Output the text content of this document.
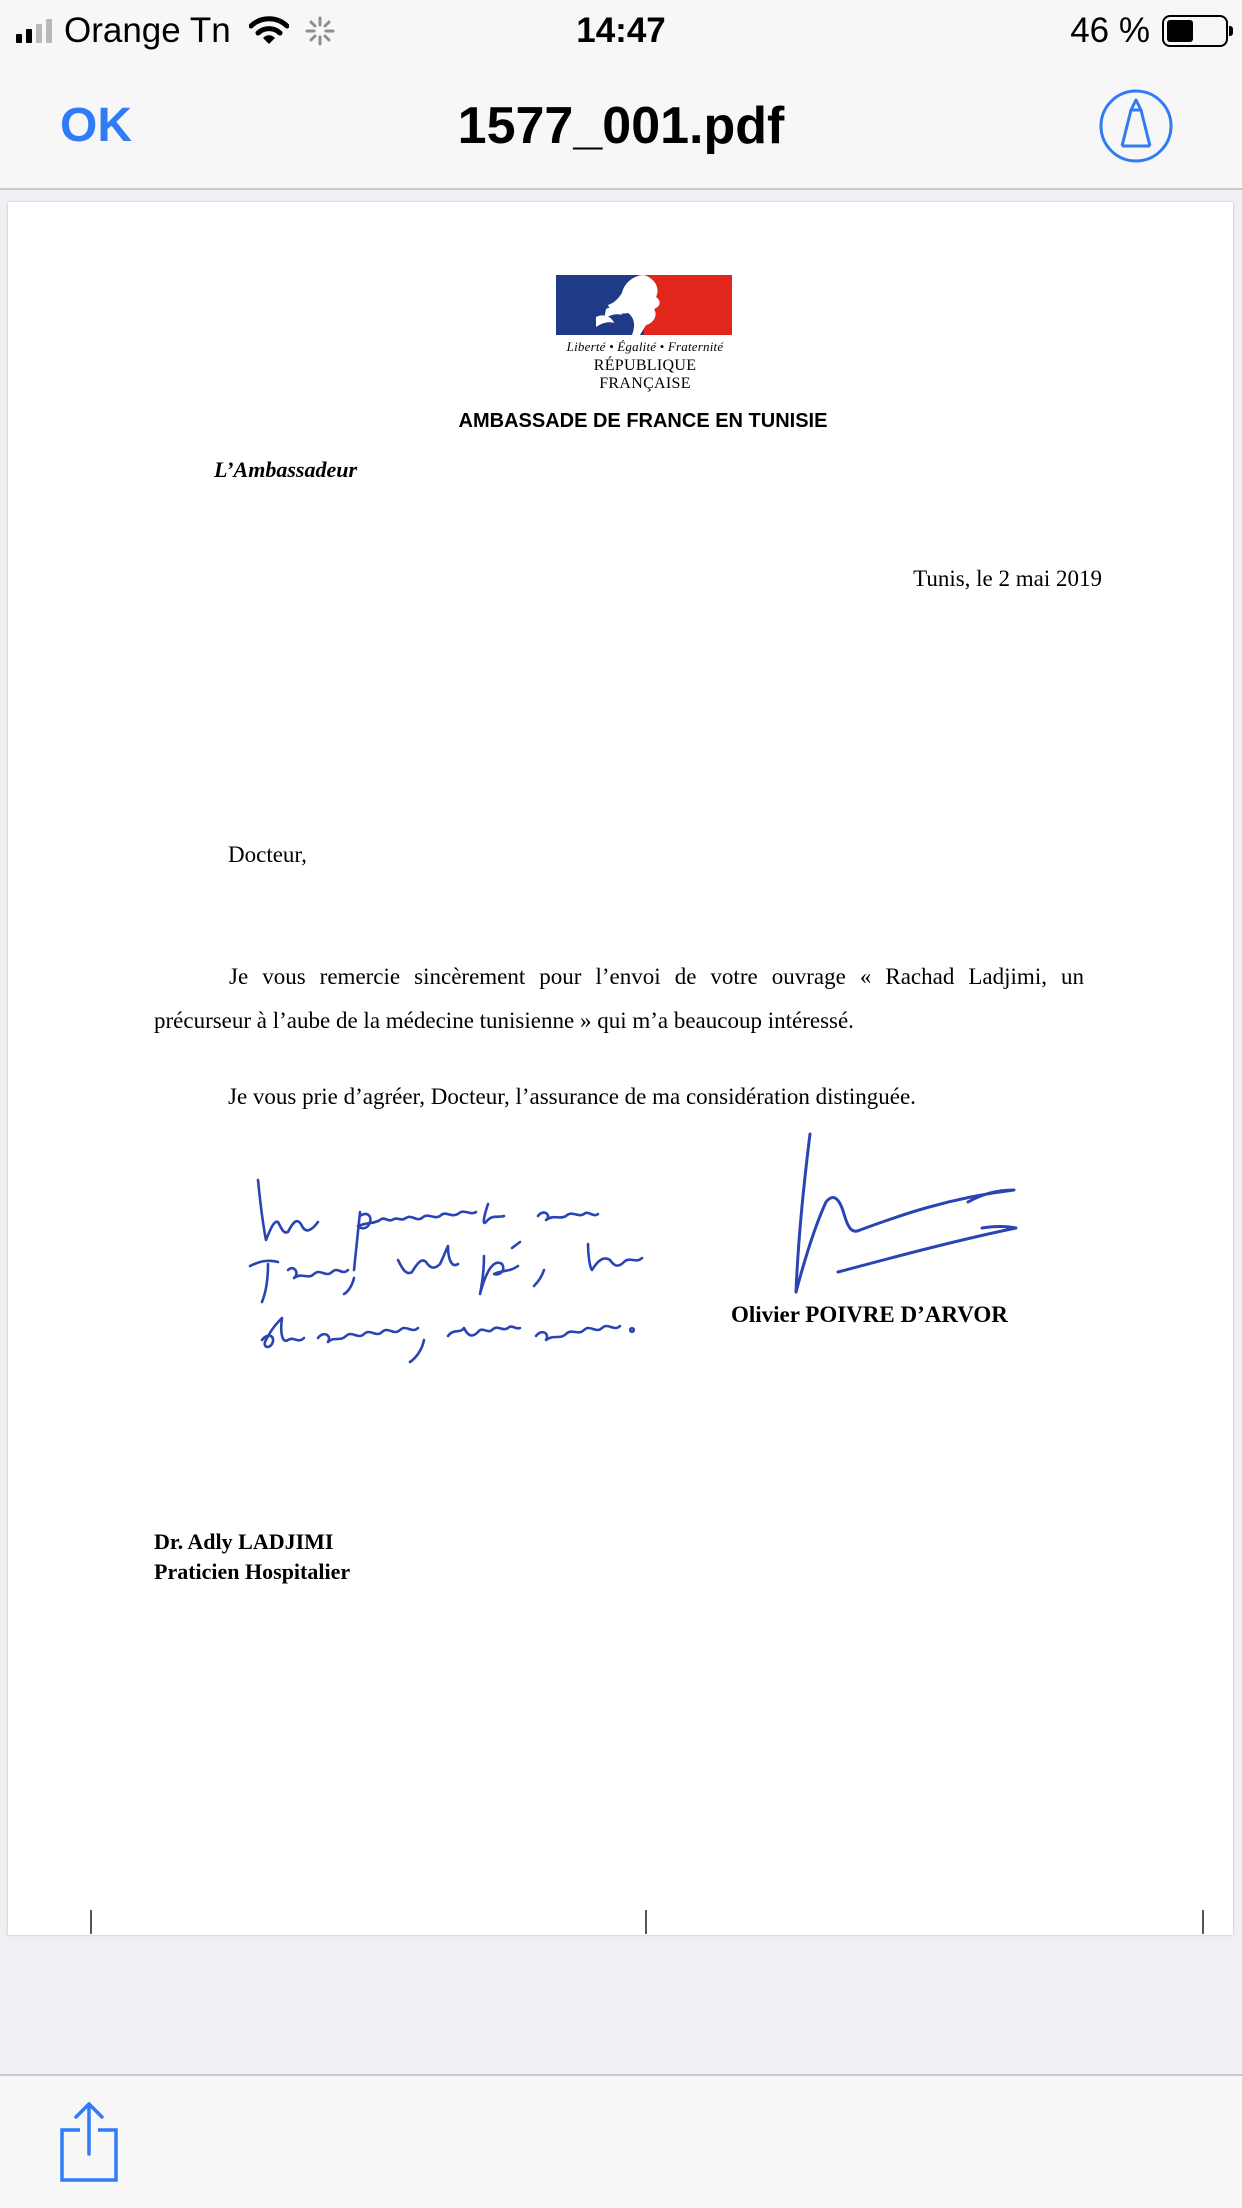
Orange Tn	14:47	46 %
OK	1577_001.pdf
Liberté • Égalité • Fraternité
RÉPUBLIQUE FRANÇAISE
AMBASSADE DE FRANCE EN TUNISIE
L’Ambassadeur
Tunis, le 2 mai 2019
Docteur,
Je vous remercie sincèrement pour l’envoi de votre ouvrage « Rachad Ladjimi, un précurseur à l’aube de la médecine tunisienne » qui m’a beaucoup intéressé.
Je vous prie d’agréer, Docteur, l’assurance de ma considération distinguée.
Olivier POIVRE D’ARVOR
Dr. Adly LADJIMI
Praticien Hospitalier
